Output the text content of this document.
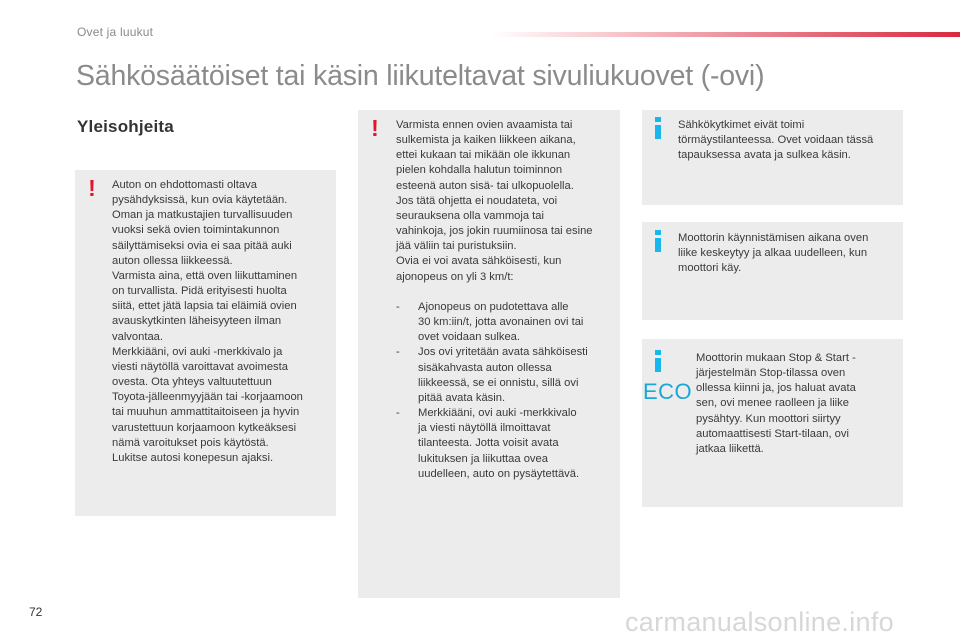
Ovet ja luukut
Sähkösäätöiset tai käsin liikuteltavat sivuliukuovet (-ovi)
Yleisohjeita
! Auton on ehdottomasti oltava
pysähdyksissä, kun ovia käytetään.
Oman ja matkustajien turvallisuuden
vuoksi sekä ovien toimintakunnon
säilyttämiseksi ovia ei saa pitää auki
auton ollessa liikkeessä.
Varmista aina, että oven liikuttaminen
on turvallista. Pidä erityisesti huolta
siitä, ettet jätä lapsia tai eläimiä ovien
avauskytkinten läheisyyteen ilman
valvontaa.
Merkkiääni, ovi auki -merkkivalo ja
viesti näytöllä varoittavat avoimesta
ovesta. Ota yhteys valtuutettuun
Toyota-jälleenmyyjään tai -korjaamoon
tai muuhun ammattitaitoiseen ja hyvin
varustettuun korjaamoon kytkeäksesi
nämä varoitukset pois käytöstä.
Lukitse autosi konepesun ajaksi.
! Varmista ennen ovien avaamista tai
sulkemista ja kaiken liikkeen aikana,
ettei kukaan tai mikään ole ikkunan
pielen kohdalla halutun toiminnon
esteenä auton sisä- tai ulkopuolella.
Jos tätä ohjetta ei noudateta, voi
seurauksena olla vammoja tai
vahinkoja, jos jokin ruumiinosa tai esine
jää väliin tai puristuksiin.
Ovia ei voi avata sähköisesti, kun
ajonopeus on yli 3 km/t:
- Ajonopeus on pudotettava alle
30 km:iin/t, jotta avonainen ovi tai
ovet voidaan sulkea.
- Jos ovi yritetään avata sähköisesti
sisäkahvasta auton ollessa
liikkeessä, se ei onnistu, sillä ovi
pitää avata käsin.
- Merkkiääni, ovi auki -merkkivalo
ja viesti näytöllä ilmoittavat
tilanteesta. Jotta voisit avata
lukituksen ja liikuttaa ovea
uudelleen, auto on pysäytettävä.
Sähkökytkimet eivät toimi
törmäystilanteessa. Ovet voidaan tässä
tapauksessa avata ja sulkea käsin.
Moottorin käynnistämisen aikana oven
liike keskeytyy ja alkaa uudelleen, kun
moottori käy.
ECO
Moottorin mukaan Stop & Start -
järjestelmän Stop-tilassa oven
ollessa kiinni ja, jos haluat avata
sen, ovi menee raolleen ja liike
pysähtyy. Kun moottori siirtyy
automaattisesti Start-tilaan, ovi
jatkaa liikettä.
72	carmanualsonline.info
